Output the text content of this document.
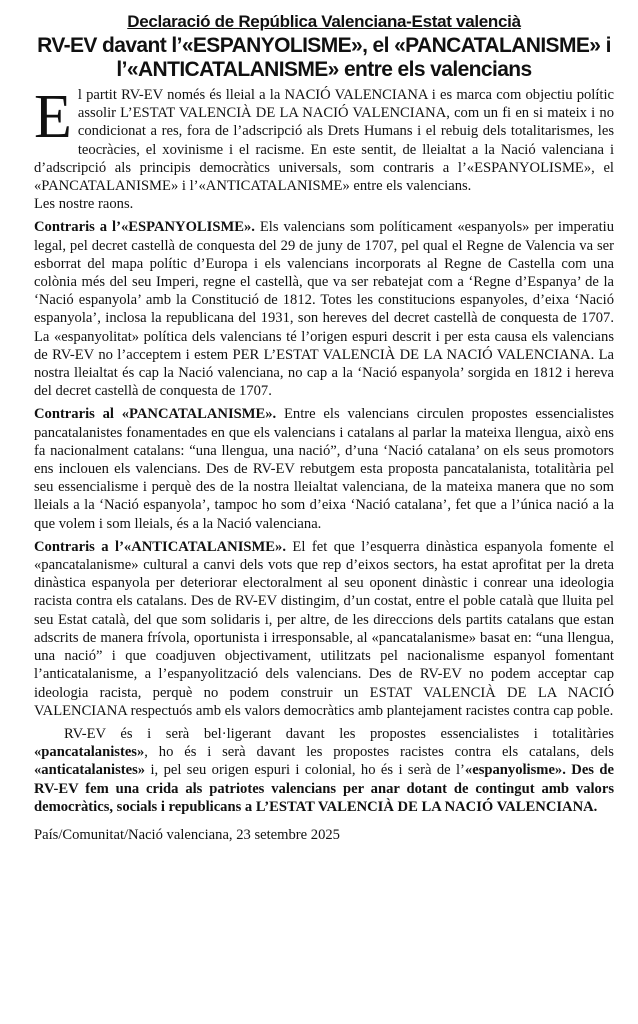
Declaració de República Valenciana-Estat valencià
RV-EV davant l’«ESPANYOLISME», el «PANCATALANISME» i
l’«ANTICATALANISME» entre els valencians

El partit RV-EV només és lleial a la NACIÓ VALENCIANA i es marca com objectiu polític assolir L’ESTAT VALENCIÀ DE LA NACIÓ VALENCIANA, com un fi en si mateix i no condicionat a res, fora de l’adscripció als Drets Humans i el rebuig dels totalitarismes, les teocràcies, el xovinisme i el racisme. En este sentit, de lleialtat a la Nació valenciana i d’adscripció als principis democràtics universals, som contraris a l’«ESPANYOLISME», el «PANCATALANISME» i l’«ANTICATALANISME» entre els valencians.
Les nostre raons.

Contraris a l’«ESPANYOLISME». Els valencians som políticament «espanyols» per imperatiu legal, pel decret castellà de conquesta del 29 de juny de 1707, pel qual el Regne de Valencia va ser esborrat del mapa polític d’Europa i els valencians incorporats al Regne de Castella com una colònia més del seu Imperi, regne el castellà, que va ser rebatejat com a ‘Regne d’Espanya’ de la ‘Nació espanyola’ amb la Constitució de 1812. Totes les constitucions espanyoles, d’eixa ‘Nació espanyola’, inclosa la republicana del 1931, son hereves del decret castellà de conquesta de 1707. La «espanyolitat» política dels valencians té l’origen espuri descrit i per esta causa els valencians de RV-EV no l’acceptem i estem PER L’ESTAT VALENCIÀ DE LA NACIÓ VALENCIANA. La nostra lleialtat és cap la Nació valenciana, no cap a la ‘Nació espanyola’ sorgida en 1812 i hereva del decret castellà de conquesta de 1707.

Contraris al «PANCATALANISME». Entre els valencians circulen propostes essencialistes pancatalanistes fonamentades en que els valencians i catalans al parlar la mateixa llengua, això ens fa nacionalment catalans: “una llengua, una nació”, d’una ‘Nació catalana’ on els seus promotors ens inclouen els valencians. Des de RV-EV rebutgem esta proposta pancatalanista, totalitària pel seu essencialisme i perquè des de la nostra lleialtat valenciana, de la mateixa manera que no som lleials a la ‘Nació espanyola’, tampoc ho som d’eixa ‘Nació catalana’, fet que a l’única nació a la que volem i som lleials, és a la Nació valenciana.

Contraris a l’«ANTICATALANISME». El fet que l’esquerra dinàstica espanyola fomente el «pancatalanisme» cultural a canvi dels vots que rep d’eixos sectors, ha estat aprofitat per la dreta dinàstica espanyola per deteriorar electoralment al seu oponent dinàstic i conrear una ideologia racista contra els catalans. Des de RV-EV distingim, d’un costat, entre el poble català que lluita pel seu Estat català, del que som solidaris i, per altre, de les direccions dels partits catalans que estan adscrits de manera frívola, oportunista i irresponsable, al «pancatalanisme» basat en: “una llengua, una nació” i que coadjuven objectivament, utilitzats pel nacionalisme espanyol fomentant l’anticatalanisme, a l’espanyolització dels valencians. Des de RV-EV no podem acceptar cap ideologia racista, perquè no podem construir un ESTAT VALENCIÀ DE LA NACIÓ VALENCIANA respectuós amb els valors democràtics amb plantejament racistes contra cap poble.

RV-EV és i serà bel·ligerant davant les propostes essencialistes i totalitàries «pancatalanistes», ho és i serà davant les propostes racistes contra els catalans, dels «anticatalanistes» i, pel seu origen espuri i colonial, ho és i serà de l’«espanyolisme». Des de RV-EV fem una crida als patriotes valencians per anar dotant de contingut amb valors democràtics, socials i republicans a L’ESTAT VALENCIÀ DE LA NACIÓ VALENCIANA.

País/Comunitat/Nació valenciana, 23 setembre 2025
